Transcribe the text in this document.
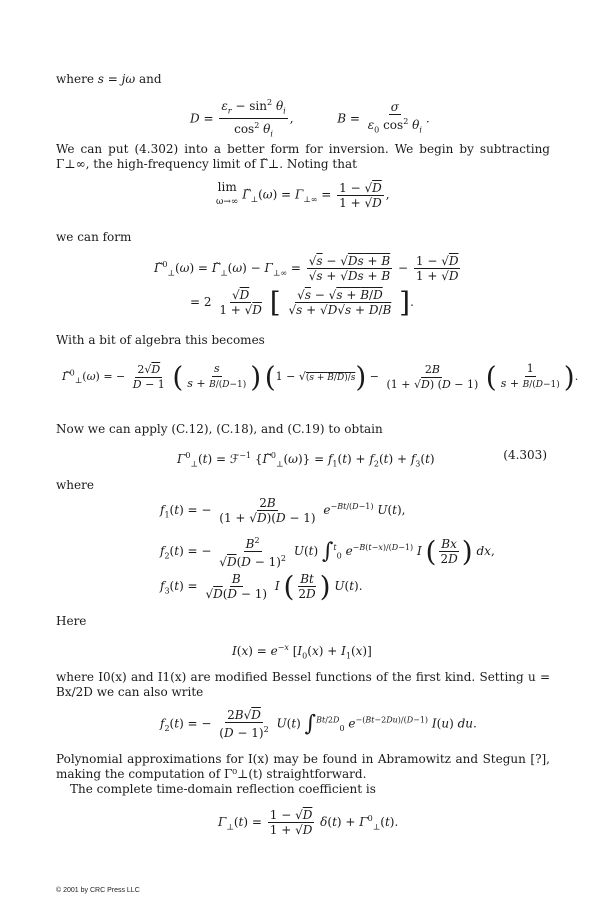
where s = jω and
$D = \frac{\varepsilon_r - \sin^2 \theta_i}{\cos^2 \theta_i}$ ,	$B = \frac{\sigma}{\varepsilon_0 \cos^2 \theta_i}$ .
We can put (4.302) into a better form for inversion. We begin by subtracting Γ⊥∞, the high-frequency limit of Γ̃⊥. Noting that
lim
ω→∞
$\Gammã_\perp(\omega) = \Gamma_{\perp\infty} = \frac{1 - √D}{1 + √D}$ ,
we can form
Γ̃$^0_\perp$(ω) = $\Gammã_\perp(\omega) - \Gamma_{\perp\infty} = \frac{√s - √Ds + B}{√s + √Ds + B} - \frac{1 - √D}{1 + √D}$
= $2 \frac{√D}{1 + √D}$ [ $\frac{√s - √s + B/D}{√s + √D√s + D/B}$ ].
With a bit of algebra this becomes
Γ̃$^0_\perp$(ω) = − $\frac{2√D}{D - 1}$ ( $\frac{s}{s + B/(D-1)}$ ) $(1 - √(s + B/D)/s) - \frac{2B}{(1 + √D) (D - 1)}$ ( $\frac{1}{s + B/(D-1)}$ ).
Now we can apply (C.12), (C.18), and (C.19) to obtain
$\Gamma^0_\perp(t)$ = ℱ$^{-1}$ {Γ̃$^0_\perp$(ω)} = $f_1(t) + f_2(t) + f_3(t)$	(4.303)
where
$f_1(t)$ = − $\frac{2B}{(1 + √D)(D - 1)} e^{-Bt/(D-1)}$ U(t),
$f_2(t)$ = − $\frac{B^2}{√D(D - 1)^2} U(t)$ ∫$^t_0$ $e^{-B(t-x)/(D-1)}$ I ( $\frac{Bx}{2D}$ ) dx,
$f_3(t) = \frac{B}{√D(D - 1)}$ I ( $\frac{Bt}{2D}$ ) U(t).
Here
$I(x) = e^{-x}$ $[I_0(x) + I_1(x)]$
where I0(x) and I1(x) are modified Bessel functions of the first kind. Setting u = Bx/2D we can also write
$f_2(t)$ = − $\frac{2B√D}{(D - 1)^2} U(t)$ ∫$^{Bt/2D}_0$ $e^{-(Bt-2Du)/(D-1)}$ I(u) du.
Polynomial approximations for I(x) may be found in Abramowitz and Stegun [?], making the computation of Γ⁰⊥(t) straightforward.
The complete time-domain reflection coefficient is
$\Gamma_\perp(t) = \frac{1 - √D}{1 + √D} \delta(t) + \Gamma^0_\perp(t)$.
© 2001 by CRC Press LLC
